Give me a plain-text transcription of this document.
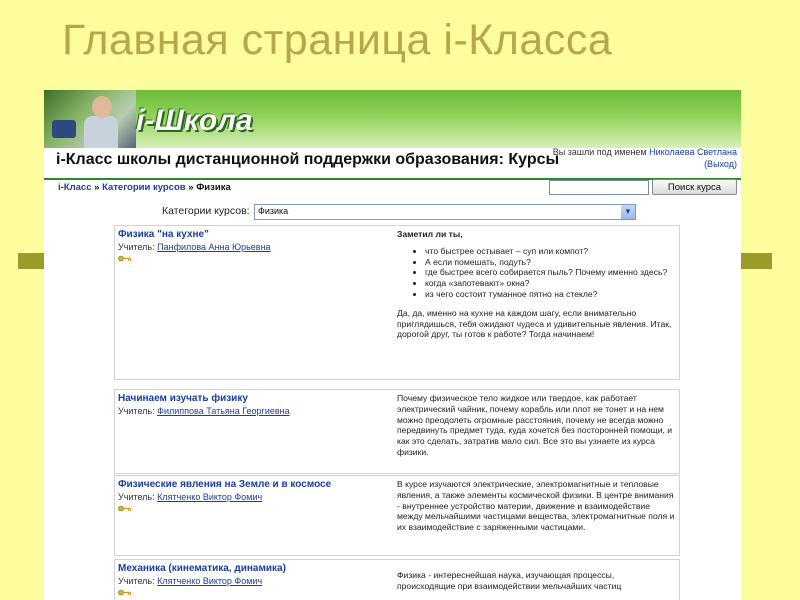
Главная страница i-Класса
i-Школа
i-Класс школы дистанционной поддержки образования: Курсы
Вы зашли под именем Николаева Светлана
(Выход)
i-Класс » Категории курсов » Физика	Поиск курса
Категории курсов: Физика	▼
Физика "на кухне"
Учитель: Панфилова Анна Юрьевна
Заметил ли ты,
• что быстрее остывает – суп или компот?
• А если помешать, подуть?
• где быстрее всего собирается пыль? Почему именно здесь?
• когда «запотевают» окна?
• из чего состоит туманное пятно на стекле?

Да, да, именно на кухне на каждом шагу, если внимательно приглядишься, тебя ожидают чудеса и удивительные явления. Итак, дорогой друг, ты готов к работе? Тогда начинаем!

Начинаем изучать физику
Учитель: Филиппова Татьяна Георгиевна

Почему физическое тело жидкое или твердое, как работает электрический чайник, почему корабль или плот не тонет и на нем можно преодолеть огромные расстояния, почему не всегда можно передвинуть предмет туда, куда хочется без посторонней помощи, и как это сделать, затратив мало сил. Все это вы узнаете из курса физики.

Физические явления на Земле и в космосе
Учитель: Клятченко Виктор Фомич

В курсе изучаются электрические, электромагнитные и тепловые явления, а также элементы космической физики. В центре внимания - внутреннее устройство материи, движение и взаимодействие между мельчайшими частицами вещества, электромагнитные поля и их взаимодействие с заряженными частицами.

Механика (кинематика, динамика)
Учитель: Клятченко Виктор Фомич

Физика - интереснейшая наука, изучающая процессы, происходящие при взаимодействии мельчайших частиц
